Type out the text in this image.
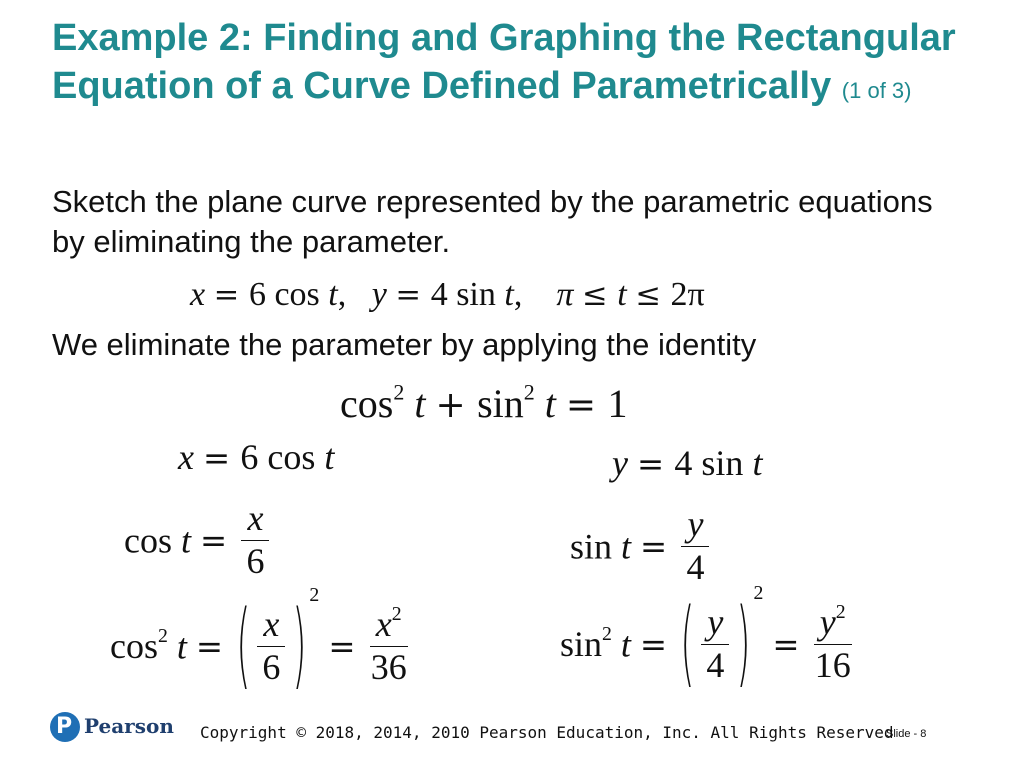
Example 2: Finding and Graphing the Rectangular Equation of a Curve Defined Parametrically (1 of 3)
Sketch the plane curve represented by the parametric equations by eliminating the parameter.
x = 6 cos t,   y = 4 sin t,    π ≤ t ≤ 2π
We eliminate the parameter by applying the identity
$\cos^2 t + \sin^2 t = 1$
x = 6 cos t
$\cos t = \frac{x}{6}$
$\cos^2 t$ = ( $\frac{x}{6}$ ) $2 = \frac{x^2}{36}$
y = 4 sin t
$\sin t = \frac{y}{4}$
$\sin^2 t$ = ( $\frac{y}{4}$ ) $2 = \frac{y^2}{16}$
P Pearson Copyright © 2018, 2014, 2010 Pearson Education, Inc. All Rights Reserved
Slide - 8
